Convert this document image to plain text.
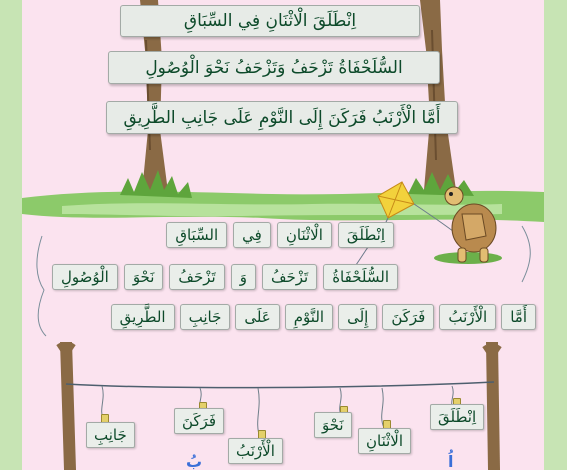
اِنْطَلَقَ الْاثْنَانِ فِي السِّبَاقِ
السُّلَحْفَاةُ تَزْحَفُ وَتَزْحَفُ نَحْوَ الْوُصُولِ
أَمَّا الْأَرْنَبُ فَرَكَنَ إِلَى النَّوْمِ عَلَى جَانِبِ الطَّرِيقِ
اِنْطَلَقَ
الْاثْنَانِ
فِي
السِّبَاقِ
السُّلَحْفَاةُ
تَزْحَفُ
وَ
تَزْحَفُ
نَحْوَ
الْوُصُولِ
أَمَّا
الْأَرْنَبُ
فَرَكَنَ
إِلَى
النَّوْمِ
عَلَى
جَانِبِ
الطَّرِيقِ
جَانِبِ
فَرَكَنَ
الْأَرْنَبُ
نَحْوَ
الْاثْنَانِ
اِنْطَلَقَ
بُ	اُ
